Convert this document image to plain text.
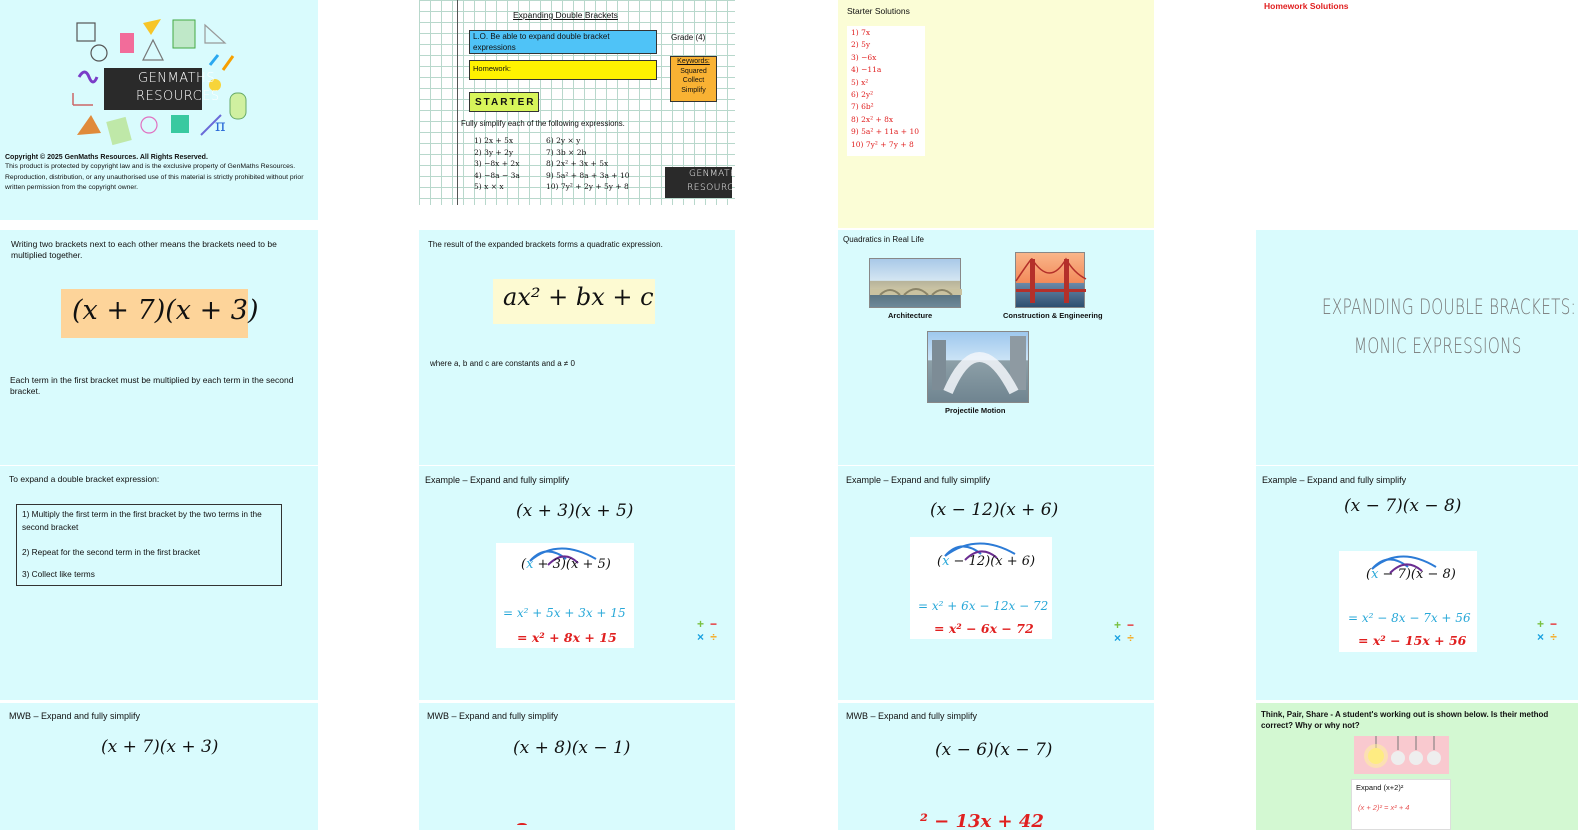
π
GENMATHS
RESOURCES
Copyright © 2025 GenMaths Resources. All Rights Reserved.
This product is protected by copyright law and is the exclusive property of GenMaths Resources. Reproduction, distribution, or any unauthorised use of this material is strictly prohibited without prior written permission from the copyright owner.
Expanding Double Brackets
L.O. Be able to expand double bracket expressions
Grade (4)
Homework:
Keywords:
Squared
Collect
Simplify
STARTER
Fully simplify each of the following expressions.
1) 2x + 5x
2) 3y + 2y
3) −8x + 2x
4) −8a − 3a
5) x × x
6) 2y × y
7) 3b × 2b
8) 2x² + 3x + 5x
9) 5a² + 8a + 3a + 10
10) 7y² + 2y + 5y + 8
GENMATHS
RESOURCES
Starter Solutions
1) 7x
2) 5y
3) −6x
4) −11a
5) x²
6) 2y²
7) 6b²
8) 2x² + 8x
9) 5a² + 11a + 10
10) 7y² + 7y + 8
Homework Solutions
Writing two brackets next to each other means the brackets need to be multiplied together.
(x + 7)(x + 3)
Each term in the first bracket must be multiplied by each term in the second bracket.
The result of the expanded brackets forms a quadratic expression.
ax² + bx + c
where a, b and c are constants and a ≠ 0
Quadratics in Real Life
Architecture	Construction & Engineering
Projectile Motion
EXPANDING DOUBLE BRACKETS:
MONIC EXPRESSIONS
To expand a double bracket expression:
1) Multiply the first term in the first bracket by the two terms in the second bracket
2) Repeat for the second term in the first bracket
3) Collect like terms
Example – Expand and fully simplify
(x + 3)(x + 5)
(x + 3)(x + 5)
= x² + 5x + 3x + 15
= x² + 8x + 15
+ −
× ÷
Example – Expand and fully simplify
(x − 12)(x + 6)
(x − 12)(x + 6)
= x² + 6x − 12x − 72
= x² − 6x − 72	+ −
× ÷
Example – Expand and fully simplify
(x − 7)(x − 8)
(x − 7)(x − 8)
= x² − 8x − 7x + 56
= x² − 15x + 56
+ −
× ÷
MWB – Expand and fully simplify
(x + 7)(x + 3)
MWB – Expand and fully simplify
(x + 8)(x − 1)
MWB – Expand and fully simplify
(x − 6)(x − 7)
² − 13x + 42
Think, Pair, Share - A student's working out is shown below. Is their method correct? Why or why not?
Expand (x+2)²
(x + 2)² = x² + 4
